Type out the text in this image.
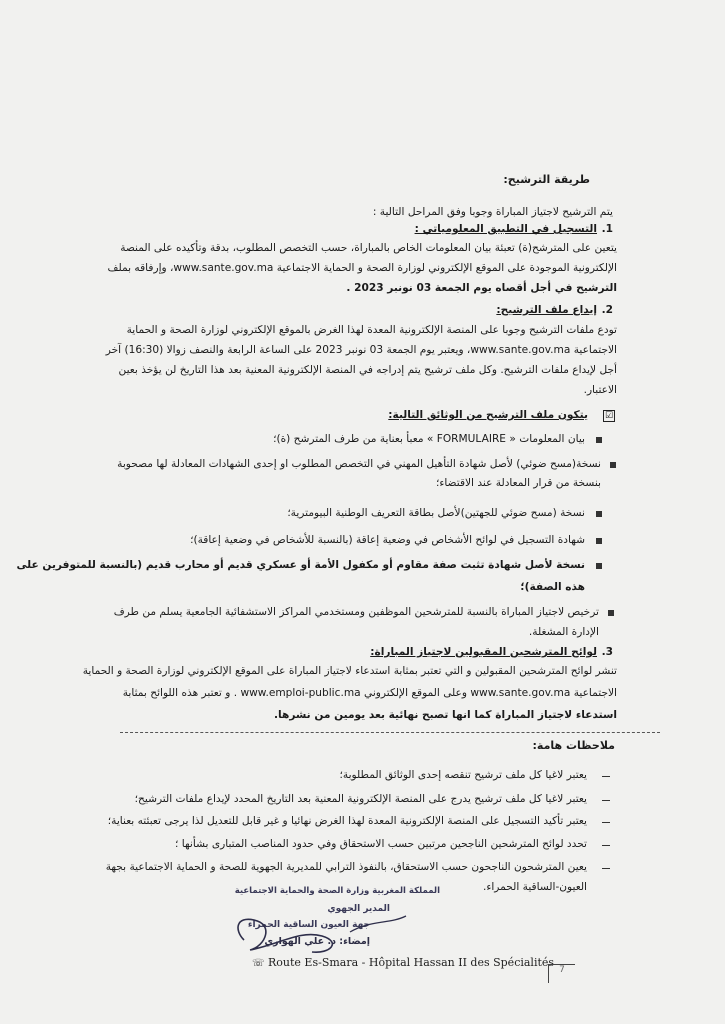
طريقة الترشيح:
يتم الترشيح لاجتياز المباراة وجوبا وفق المراحل التالية :
1.
التسجيل في التطبيق المعلومياتي :
يتعين على المترشح(ة) تعبئة بيان المعلومات الخاص بالمباراة، حسب التخصص المطلوب، بدقة وتأكيده على المنصة
الإلكترونية الموجودة على الموقع الإلكتروني لوزارة الصحة و الحماية الاجتماعية www.sante.gov.ma، وإرفاقه بملف
الترشيح في أجل أقصاه يوم الجمعة 03 نونبر 2023 .
2.
إيداع ملف الترشيح:
تودع ملفات الترشيح وجوبا على المنصة الإلكترونية المعدة لهذا الغرض بالموقع الإلكتروني لوزارة الصحة و الحماية
الاجتماعية www.sante.gov.ma، ويعتبر يوم الجمعة 03 نونبر 2023 على الساعة الرابعة والنصف زوالا (16:30) آخر
أجل لإيداع ملفات الترشيح. وكل ملف ترشيح يتم إدراجه في المنصة الإلكترونية المعنية بعد هذا التاريخ لن يؤخذ بعين
الاعتبار.
☑
يتكون ملف الترشيح من الوثائق التالية:
بيان المعلومات « FORMULAIRE » معبأ بعناية من طرف المترشح (ة)؛
نسخة(مسح ضوئي) لأصل شهادة التأهيل المهني في التخصص المطلوب او إحدى الشهادات المعادلة لها مصحوبة
بنسخة من قرار المعادلة عند الاقتضاء؛
نسخة (مسح ضوئي للجهتين)لأصل بطاقة التعريف الوطنية البيومترية؛
شهادة التسجيل في لوائح الأشخاص في وضعية إعاقة (بالنسبة للأشخاص في وضعية إعاقة)؛
نسخة لأصل شهادة تثبت صفة مقاوم أو مكفول الأمة أو عسكري قديم أو محارب قديم (بالنسبة للمتوفرين على
هذه الصفة)؛
ترخيص لاجتياز المباراة بالنسبة للمترشحين الموظفين ومستخدمي المراكز الاستشفائية الجامعية يسلم من طرف
الإدارة المشغلة.
3.
لوائح المترشحين المقبولين لاجتياز المباراة:
تنشر لوائح المترشحين المقبولين و التي تعتبر بمثابة استدعاء لاجتياز المباراة على الموقع الإلكتروني لوزارة الصحة و الحماية
الاجتماعية www.sante.gov.ma وعلى الموقع الإلكتروني www.emploi-public.ma . و تعتبر هذه اللوائح بمثابة
استدعاء لاجتياز المباراة كما انها تصبح نهائية بعد يومين من نشرها.
ملاحظات هامة:
يعتبر لاغيا كل ملف ترشيح تنقصه إحدى الوثائق المطلوبة؛
يعتبر لاغيا كل ملف ترشيح يدرج على المنصة الإلكترونية المعنية بعد التاريخ المحدد لإيداع ملفات الترشيح؛
يعتبر تأكيد التسجيل على المنصة الإلكترونية المعدة لهذا الغرض نهائيا و غير قابل للتعديل لذا يرجى تعبئته بعناية؛
تحدد لوائح المترشحين الناجحين مرتبين حسب الاستحقاق وفي حدود المناصب المتبارى بشأنها ؛
يعين المترشحون الناجحون حسب الاستحقاق، بالنفوذ الترابي للمديرية الجهوية للصحة و الحماية الاجتماعية بجهة
العيون-الساقية الحمراء.
المملكة المغربية وزارة الصحة والحماية الاجتماعية
المدير الجهوي
جهة العيون الساقية الحمراء
إمضاء: د. علي الهواري
☏ Route Es-Smara - Hôpital Hassan II des Spécialités
7
